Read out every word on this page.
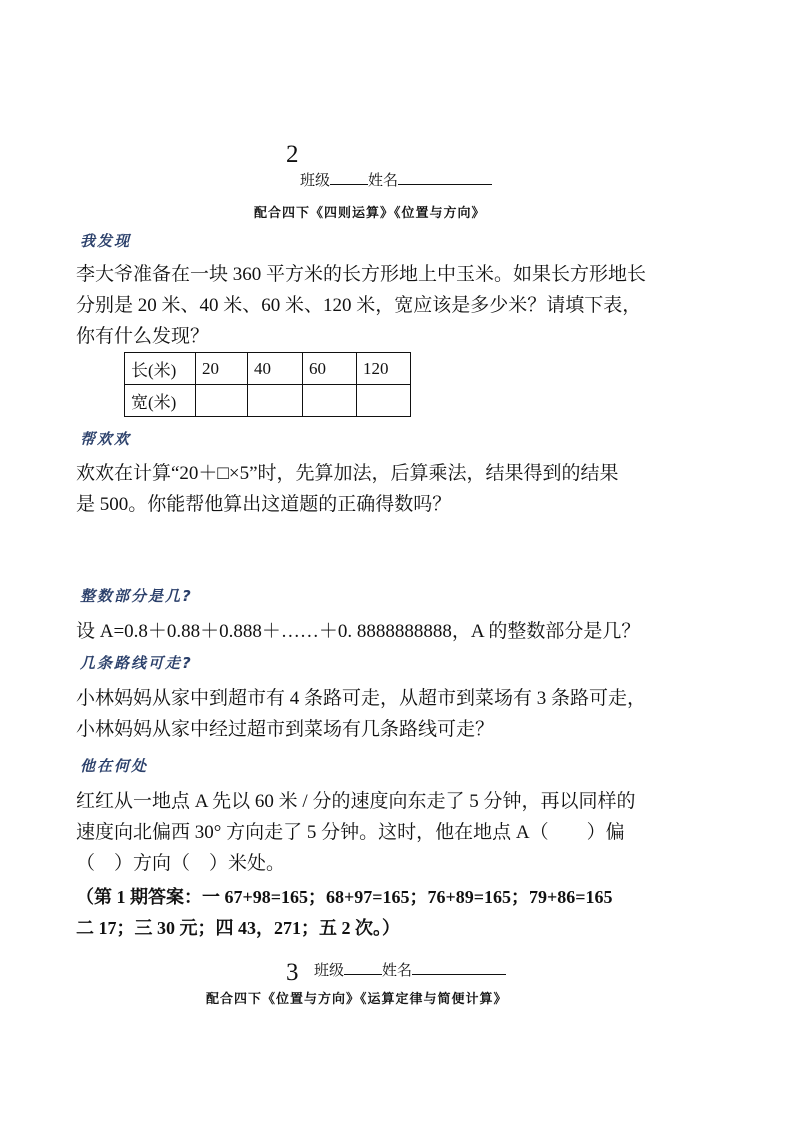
2
班级	姓名
配合四下《四则运算》《位置与方向》
我发现
李大爷准备在一块 360 平方米的长方形地上中玉米。如果长方形地长
分别是 20 米、40 米、60 米、120 米，宽应该是多少米？请填下表，
你有什么发现？
长(米)	20	40	60	120
宽(米)				
帮欢欢
欢欢在计算“20＋□×5”时，先算加法，后算乘法，结果得到的结果
是 500。你能帮他算出这道题的正确得数吗？
整数部分是几?
设 A=0.8＋0.88＋0.888＋……＋0. 8888888888，A 的整数部分是几？
几条路线可走?
小林妈妈从家中到超市有 4 条路可走，从超市到菜场有 3 条路可走，
小林妈妈从家中经过超市到菜场有几条路线可走？
他在何处
红红从一地点 A 先以 60 米 / 分的速度向东走了 5 分钟，再以同样的
速度向北偏西 30° 方向走了 5 分钟。这时，他在地点 A（　　）偏
（　）方向（　）米处。
（第 1 期答案：一 67+98=165；68+97=165；76+89=165；79+86=165
二 17；三 30 元；四 43，271；五 2 次。）
3 班级	姓名
配合四下《位置与方向》《运算定律与简便计算》
